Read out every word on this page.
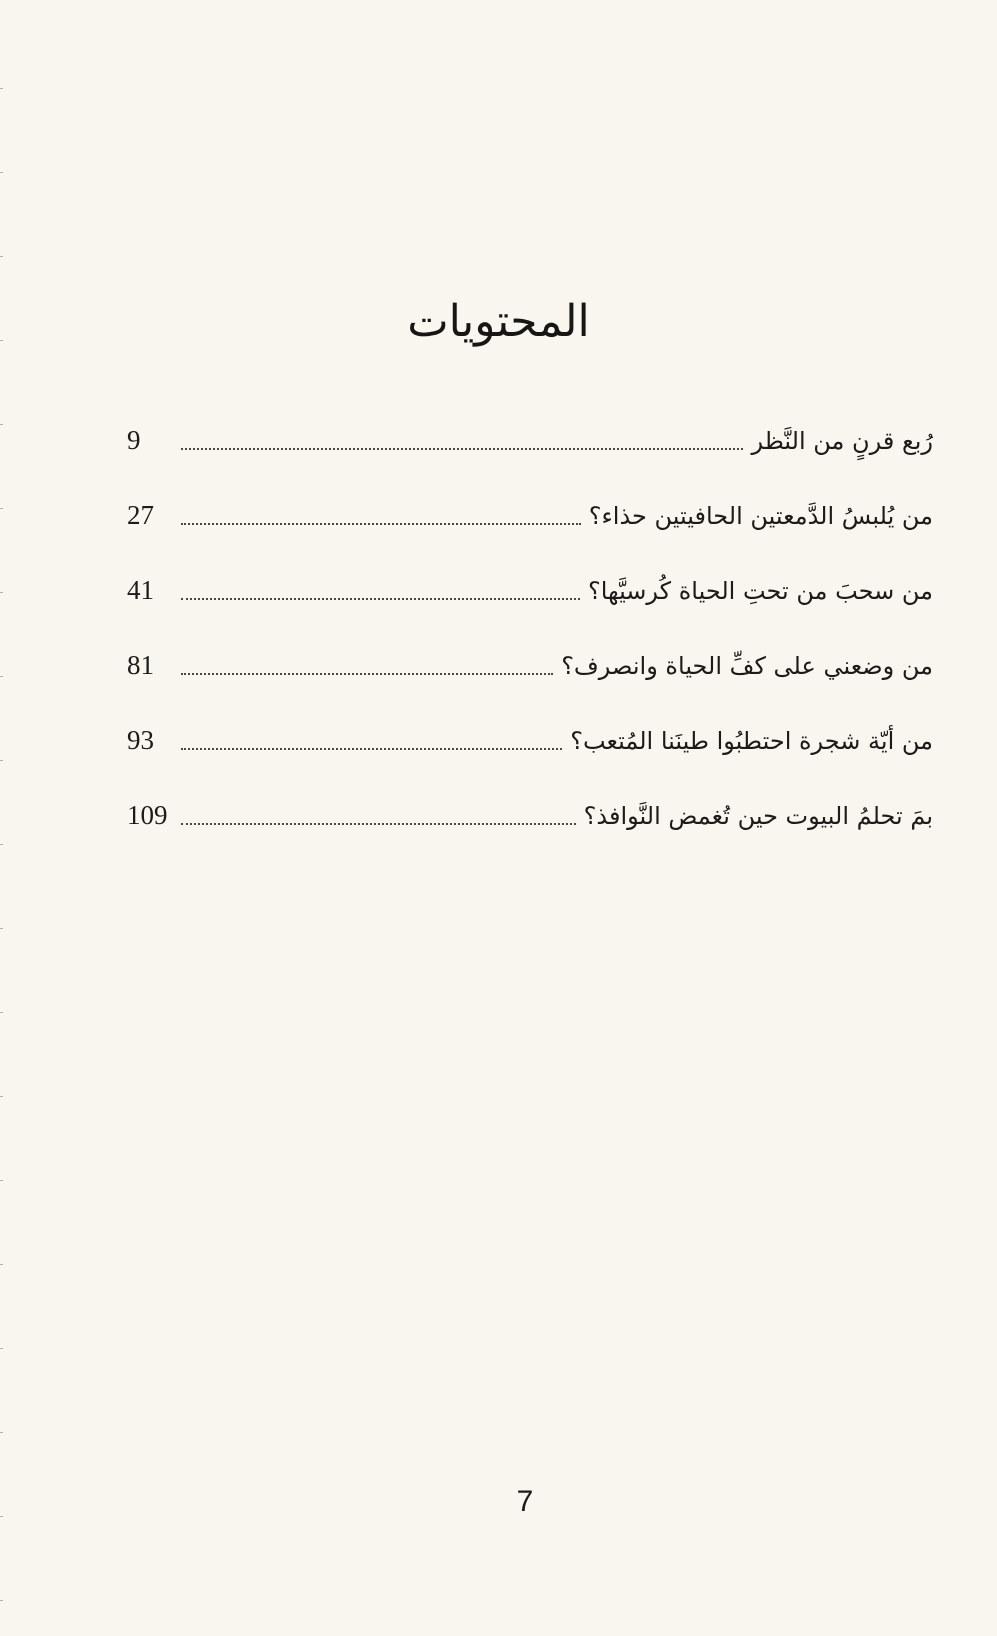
المحتويات
رُبع قرنٍ من النَّظر
9
من يُلبسُ الدَّمعتين الحافيتين حذاء؟
27
من سحبَ من تحتِ الحياة كُرسيَّها؟
41
من وضعني على كفِّ الحياة وانصرف؟
81
من أيّة شجرة احتطبُوا طينَنا المُتعب؟
93
بمَ تحلمُ البيوت حين تُغمض النَّوافذ؟
109
7
